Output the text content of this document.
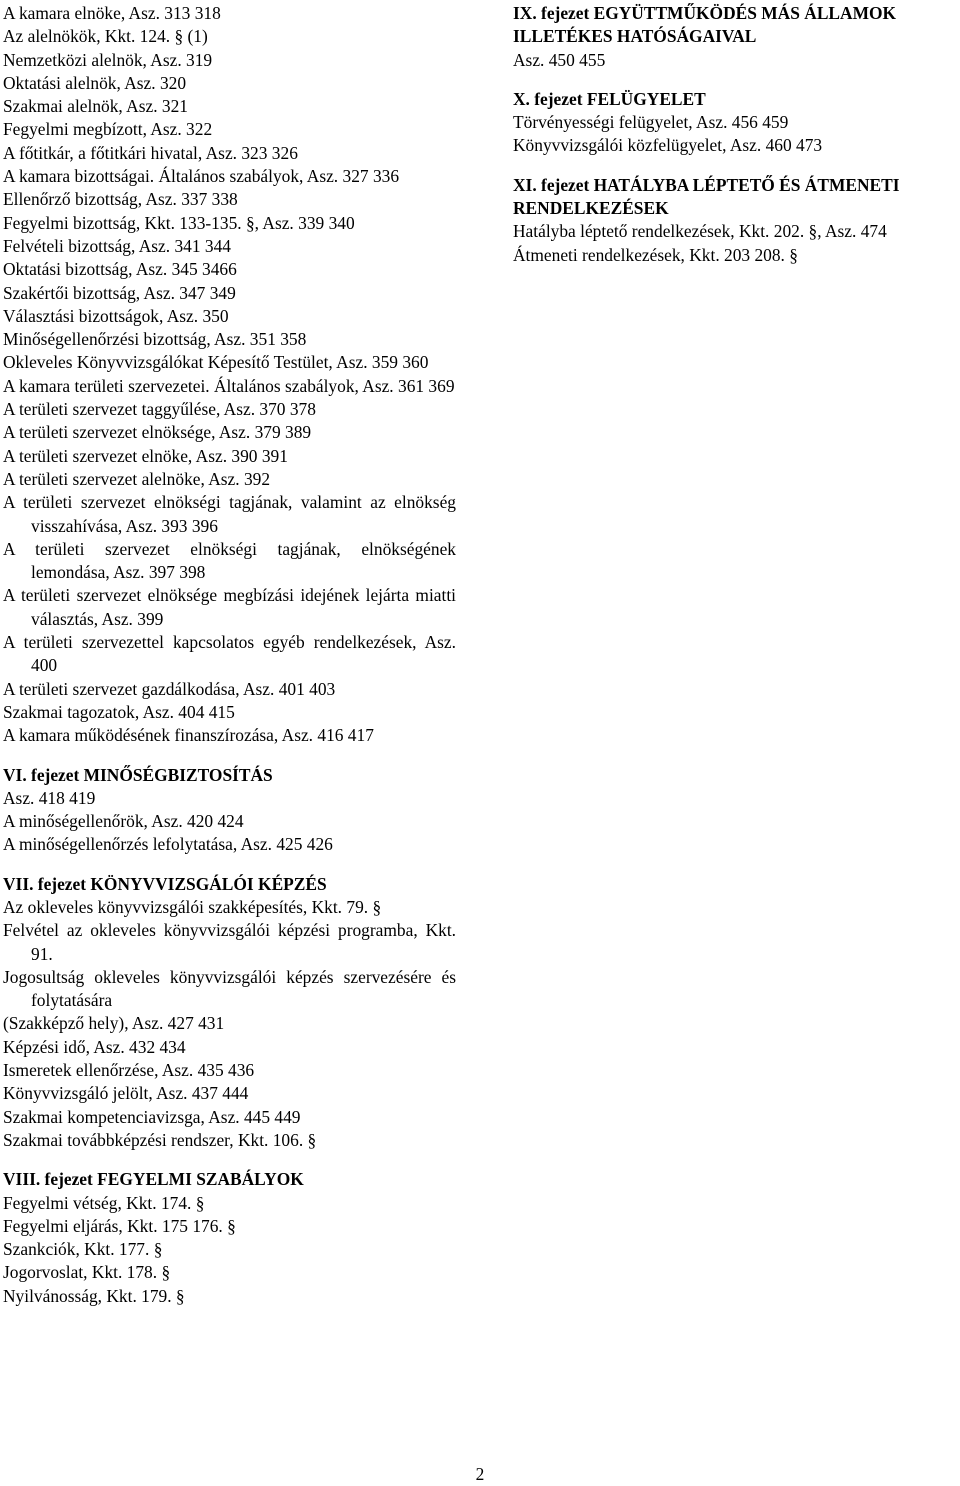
A kamara elnöke, Asz. 313 318
Az alelnökök, Kkt. 124. § (1)
Nemzetközi alelnök, Asz. 319
Oktatási alelnök, Asz. 320
Szakmai alelnök, Asz. 321
Fegyelmi megbízott, Asz. 322
A főtitkár, a főtitkári hivatal, Asz. 323 326
A kamara bizottságai. Általános szabályok, Asz. 327 336
Ellenőrző bizottság, Asz. 337 338
Fegyelmi bizottság, Kkt. 133-135. §, Asz. 339 340
Felvételi bizottság, Asz. 341 344
Oktatási bizottság, Asz. 345 3466
Szakértői bizottság, Asz. 347 349
Választási bizottságok, Asz. 350
Minőségellenőrzési bizottság, Asz. 351 358
Okleveles Könyvvizsgálókat Képesítő Testület, Asz. 359 360
A kamara területi szervezetei. Általános szabályok, Asz. 361 369
A területi szervezet taggyűlése, Asz. 370 378
A területi szervezet elnöksége, Asz. 379 389
A területi szervezet elnöke, Asz. 390 391
A területi szervezet alelnöke, Asz. 392
A területi szervezet elnökségi tagjának, valamint az elnökség visszahívása, Asz. 393 396
A területi szervezet elnökségi tagjának, elnökségének lemondása, Asz. 397 398
A területi szervezet elnöksége megbízási idejének lejárta miatti választás, Asz. 399
A területi szervezettel kapcsolatos egyéb rendelkezések, Asz. 400
A területi szervezet gazdálkodása, Asz. 401 403
Szakmai tagozatok, Asz. 404 415
A kamara működésének finanszírozása, Asz. 416 417
VI. fejezet MINŐSÉGBIZTOSÍTÁS
Asz. 418 419
A minőségellenőrök, Asz. 420 424
A minőségellenőrzés lefolytatása, Asz. 425 426
VII. fejezet KÖNYVVIZSGÁLÓI KÉPZÉS
Az okleveles könyvvizsgálói szakképesítés, Kkt. 79. §
Felvétel az okleveles könyvvizsgálói képzési programba, Kkt. 91.
Jogosultság okleveles könyvvizsgálói képzés szervezésére és folytatására
(Szakképző hely), Asz. 427 431
Képzési idő, Asz. 432 434
Ismeretek ellenőrzése, Asz. 435 436
Könyvvizsgáló jelölt, Asz. 437 444
Szakmai kompetenciavizsga, Asz. 445 449
Szakmai továbbképzési rendszer, Kkt. 106. §
VIII. fejezet FEGYELMI SZABÁLYOK
Fegyelmi vétség, Kkt. 174. §
Fegyelmi eljárás, Kkt. 175 176. §
Szankciók, Kkt. 177. §
Jogorvoslat, Kkt. 178. §
Nyilvánosság, Kkt. 179. §
IX. fejezet EGYÜTTMŰKÖDÉS MÁS ÁLLAMOK ILLETÉKES HATÓSÁGAIVAL
Asz. 450 455
X. fejezet FELÜGYELET
Törvényességi felügyelet, Asz. 456 459
Könyvvizsgálói közfelügyelet, Asz. 460 473
XI. fejezet HATÁLYBA LÉPTETŐ ÉS ÁTMENETI RENDELKEZÉSEK
Hatályba léptető rendelkezések, Kkt. 202. §, Asz. 474
Átmeneti rendelkezések, Kkt. 203 208. §
2
